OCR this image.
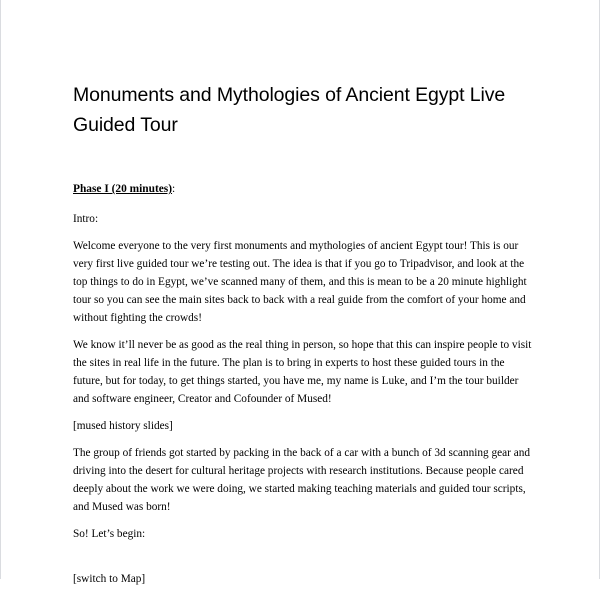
Monuments and Mythologies of Ancient Egypt Live Guided Tour
Phase I (20 minutes):

Intro:

Welcome everyone to the very first monuments and mythologies of ancient Egypt tour! This is our very first live guided tour we’re testing out. The idea is that if you go to Tripadvisor, and look at the top things to do in Egypt, we’ve scanned many of them, and this is mean to be a 20 minute highlight tour so you can see the main sites back to back with a real guide from the comfort of your home and without fighting the crowds!

We know it’ll never be as good as the real thing in person, so hope that this can inspire people to visit the sites in real life in the future. The plan is to bring in experts to host these guided tours in the future, but for today, to get things started, you have me, my name is Luke, and I’m the tour builder and software engineer, Creator and Cofounder of Mused!

[mused history slides]

The group of friends got started by packing in the back of a car with a bunch of 3d scanning gear and driving into the desert for cultural heritage projects with research institutions. Because people cared deeply about the work we were doing, we started making teaching materials and guided tour scripts, and Mused was born!

So! Let’s begin:

[switch to Map]
